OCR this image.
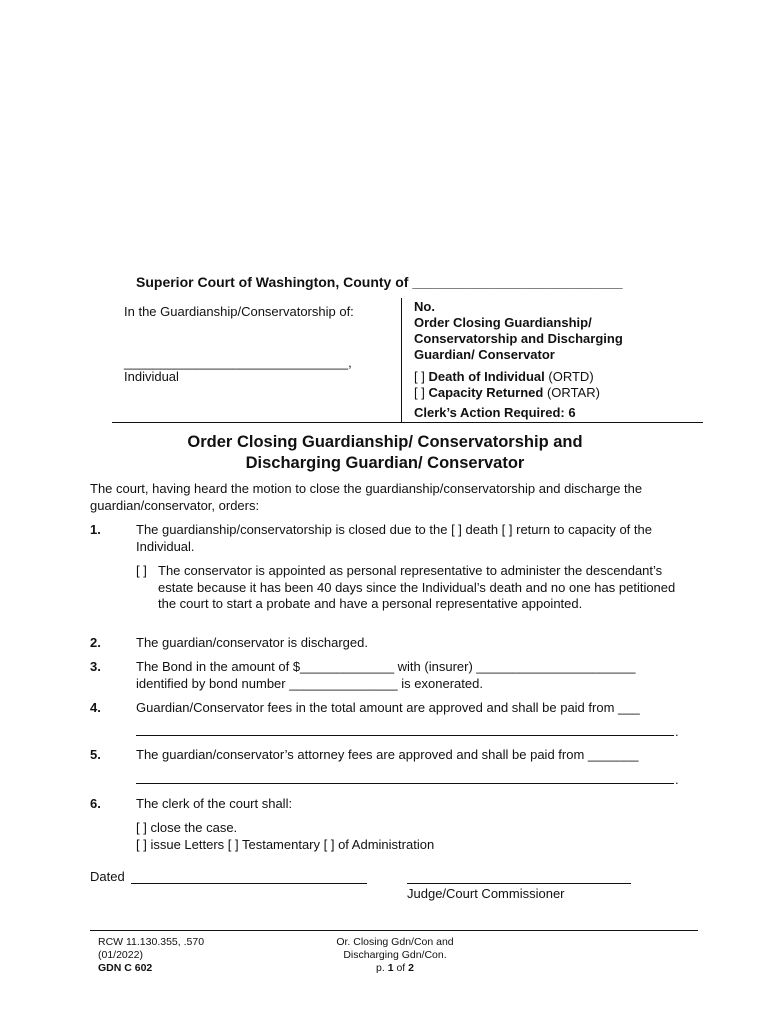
Superior Court of Washington, County of ___________________________
In the Guardianship/Conservatorship of:
_______________________________,
Individual
No.
Order Closing Guardianship/
Conservatorship and Discharging
Guardian/ Conservator
[ ] Death of Individual (ORTD)
[ ] Capacity Returned (ORTAR)
Clerk’s Action Required: 6
Order Closing Guardianship/ Conservatorship and
Discharging Guardian/ Conservator
The court, having heard the motion to close the guardianship/conservatorship and discharge the guardian/conservator, orders:
1.	The guardianship/conservatorship is closed due to the [ ] death [ ] return to capacity of the Individual.
[ ] The conservator is appointed as personal representative to administer the descendant’s estate because it has been 40 days since the Individual’s death and no one has petitioned the court to start a probate and have a personal representative appointed.
2.	The guardian/conservator is discharged.
3.	The Bond in the amount of $_____________ with (insurer) ______________________
identified by bond number _______________ is exonerated.
4.	Guardian/Conservator fees in the total amount are approved and shall be paid from ___
.
5.	The guardian/conservator’s attorney fees are approved and shall be paid from _______
.
6.	The clerk of the court shall:
[ ] close the case.
[ ] issue Letters [ ] Testamentary [ ] of Administration
Dated
Judge/Court Commissioner
RCW 11.130.355, .570
(01/2022)
GDN C 602
Or. Closing Gdn/Con and
Discharging Gdn/Con.
p. 1 of 2
